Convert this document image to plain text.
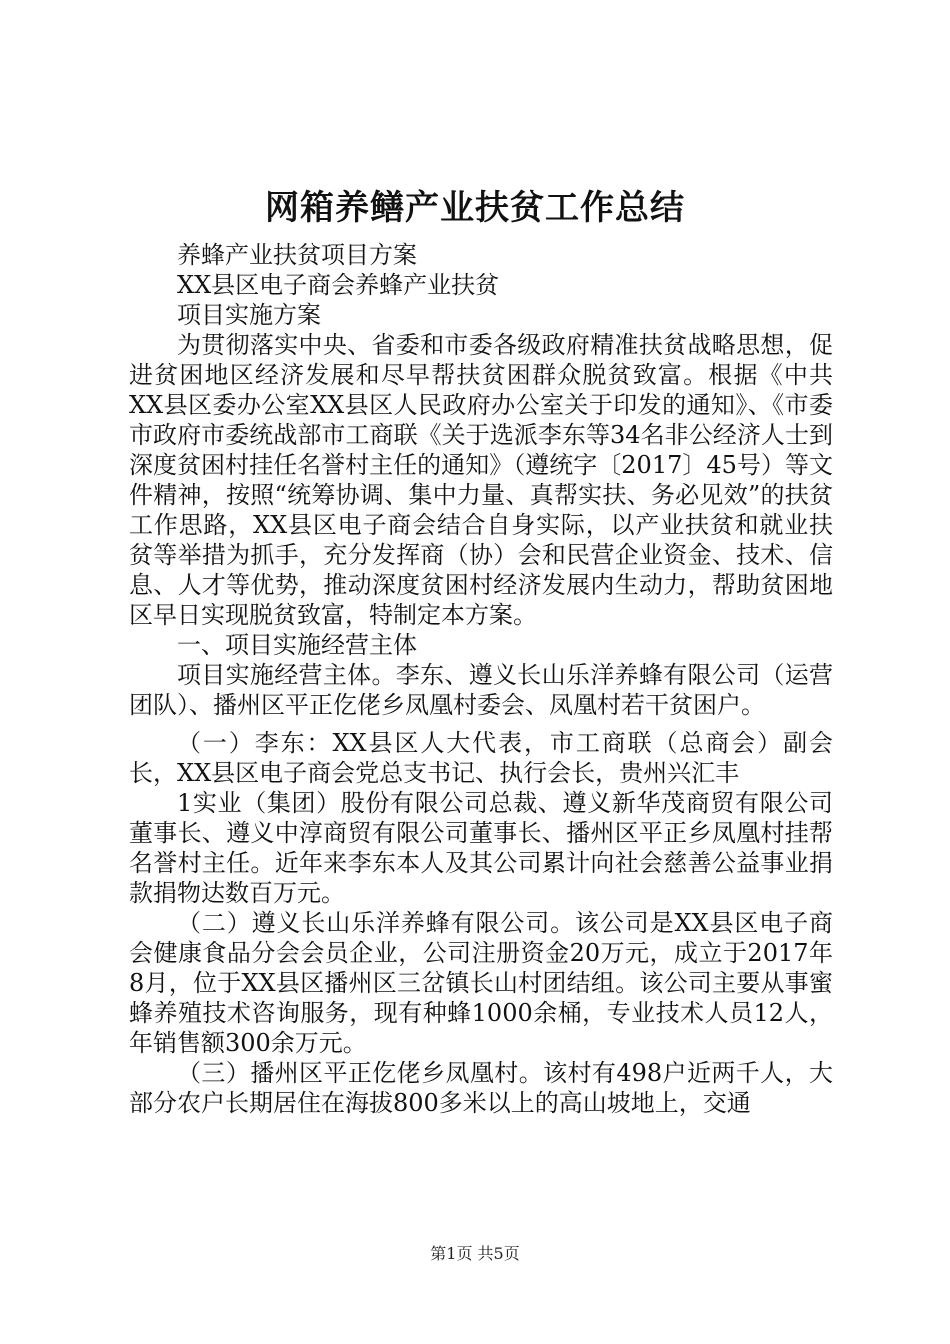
网箱养鳝产业扶贫工作总结

养蜂产业扶贫项目方案

XX县区电子商会养蜂产业扶贫

项目实施方案

为贯彻落实中央、省委和市委各级政府精准扶贫战略思想，促进贫困地区经济发展和尽早帮扶贫困群众脱贫致富。根据《中共XX县区委办公室XX县区人民政府办公室关于印发的通知》、《市委市政府市委统战部市工商联《关于选派李东等34名非公经济人士到深度贫困村挂任名誉村主任的通知》（遵统字〔2017〕45号）等文件精神，按照“统筹协调、集中力量、真帮实扶、务必见效”的扶贫工作思路，XX县区电子商会结合自身实际，以产业扶贫和就业扶贫等举措为抓手，充分发挥商（协）会和民营企业资金、技术、信息、人才等优势，推动深度贫困村经济发展内生动力，帮助贫困地区早日实现脱贫致富，特制定本方案。

一、项目实施经营主体

项目实施经营主体。李东、遵义长山乐洋养蜂有限公司（运营团队）、播州区平正仡佬乡凤凰村委会、凤凰村若干贫困户。

（一）李东：XX县区人大代表，市工商联（总商会）副会长，XX县区电子商会党总支书记、执行会长，贵州兴汇丰

1实业（集团）股份有限公司总裁、遵义新华茂商贸有限公司董事长、遵义中淳商贸有限公司董事长、播州区平正乡凤凰村挂帮名誉村主任。近年来李东本人及其公司累计向社会慈善公益事业捐款捐物达数百万元。

（二）遵义长山乐洋养蜂有限公司。该公司是XX县区电子商会健康食品分会会员企业，公司注册资金20万元，成立于2017年8月，位于XX县区播州区三岔镇长山村团结组。该公司主要从事蜜蜂养殖技术咨询服务，现有种蜂1000余桶，专业技术人员12人，年销售额300余万元。

（三）播州区平正仡佬乡凤凰村。该村有498户近两千人，大部分农户长期居住在海拔800多米以上的高山坡地上，交通

第1页 共5页
